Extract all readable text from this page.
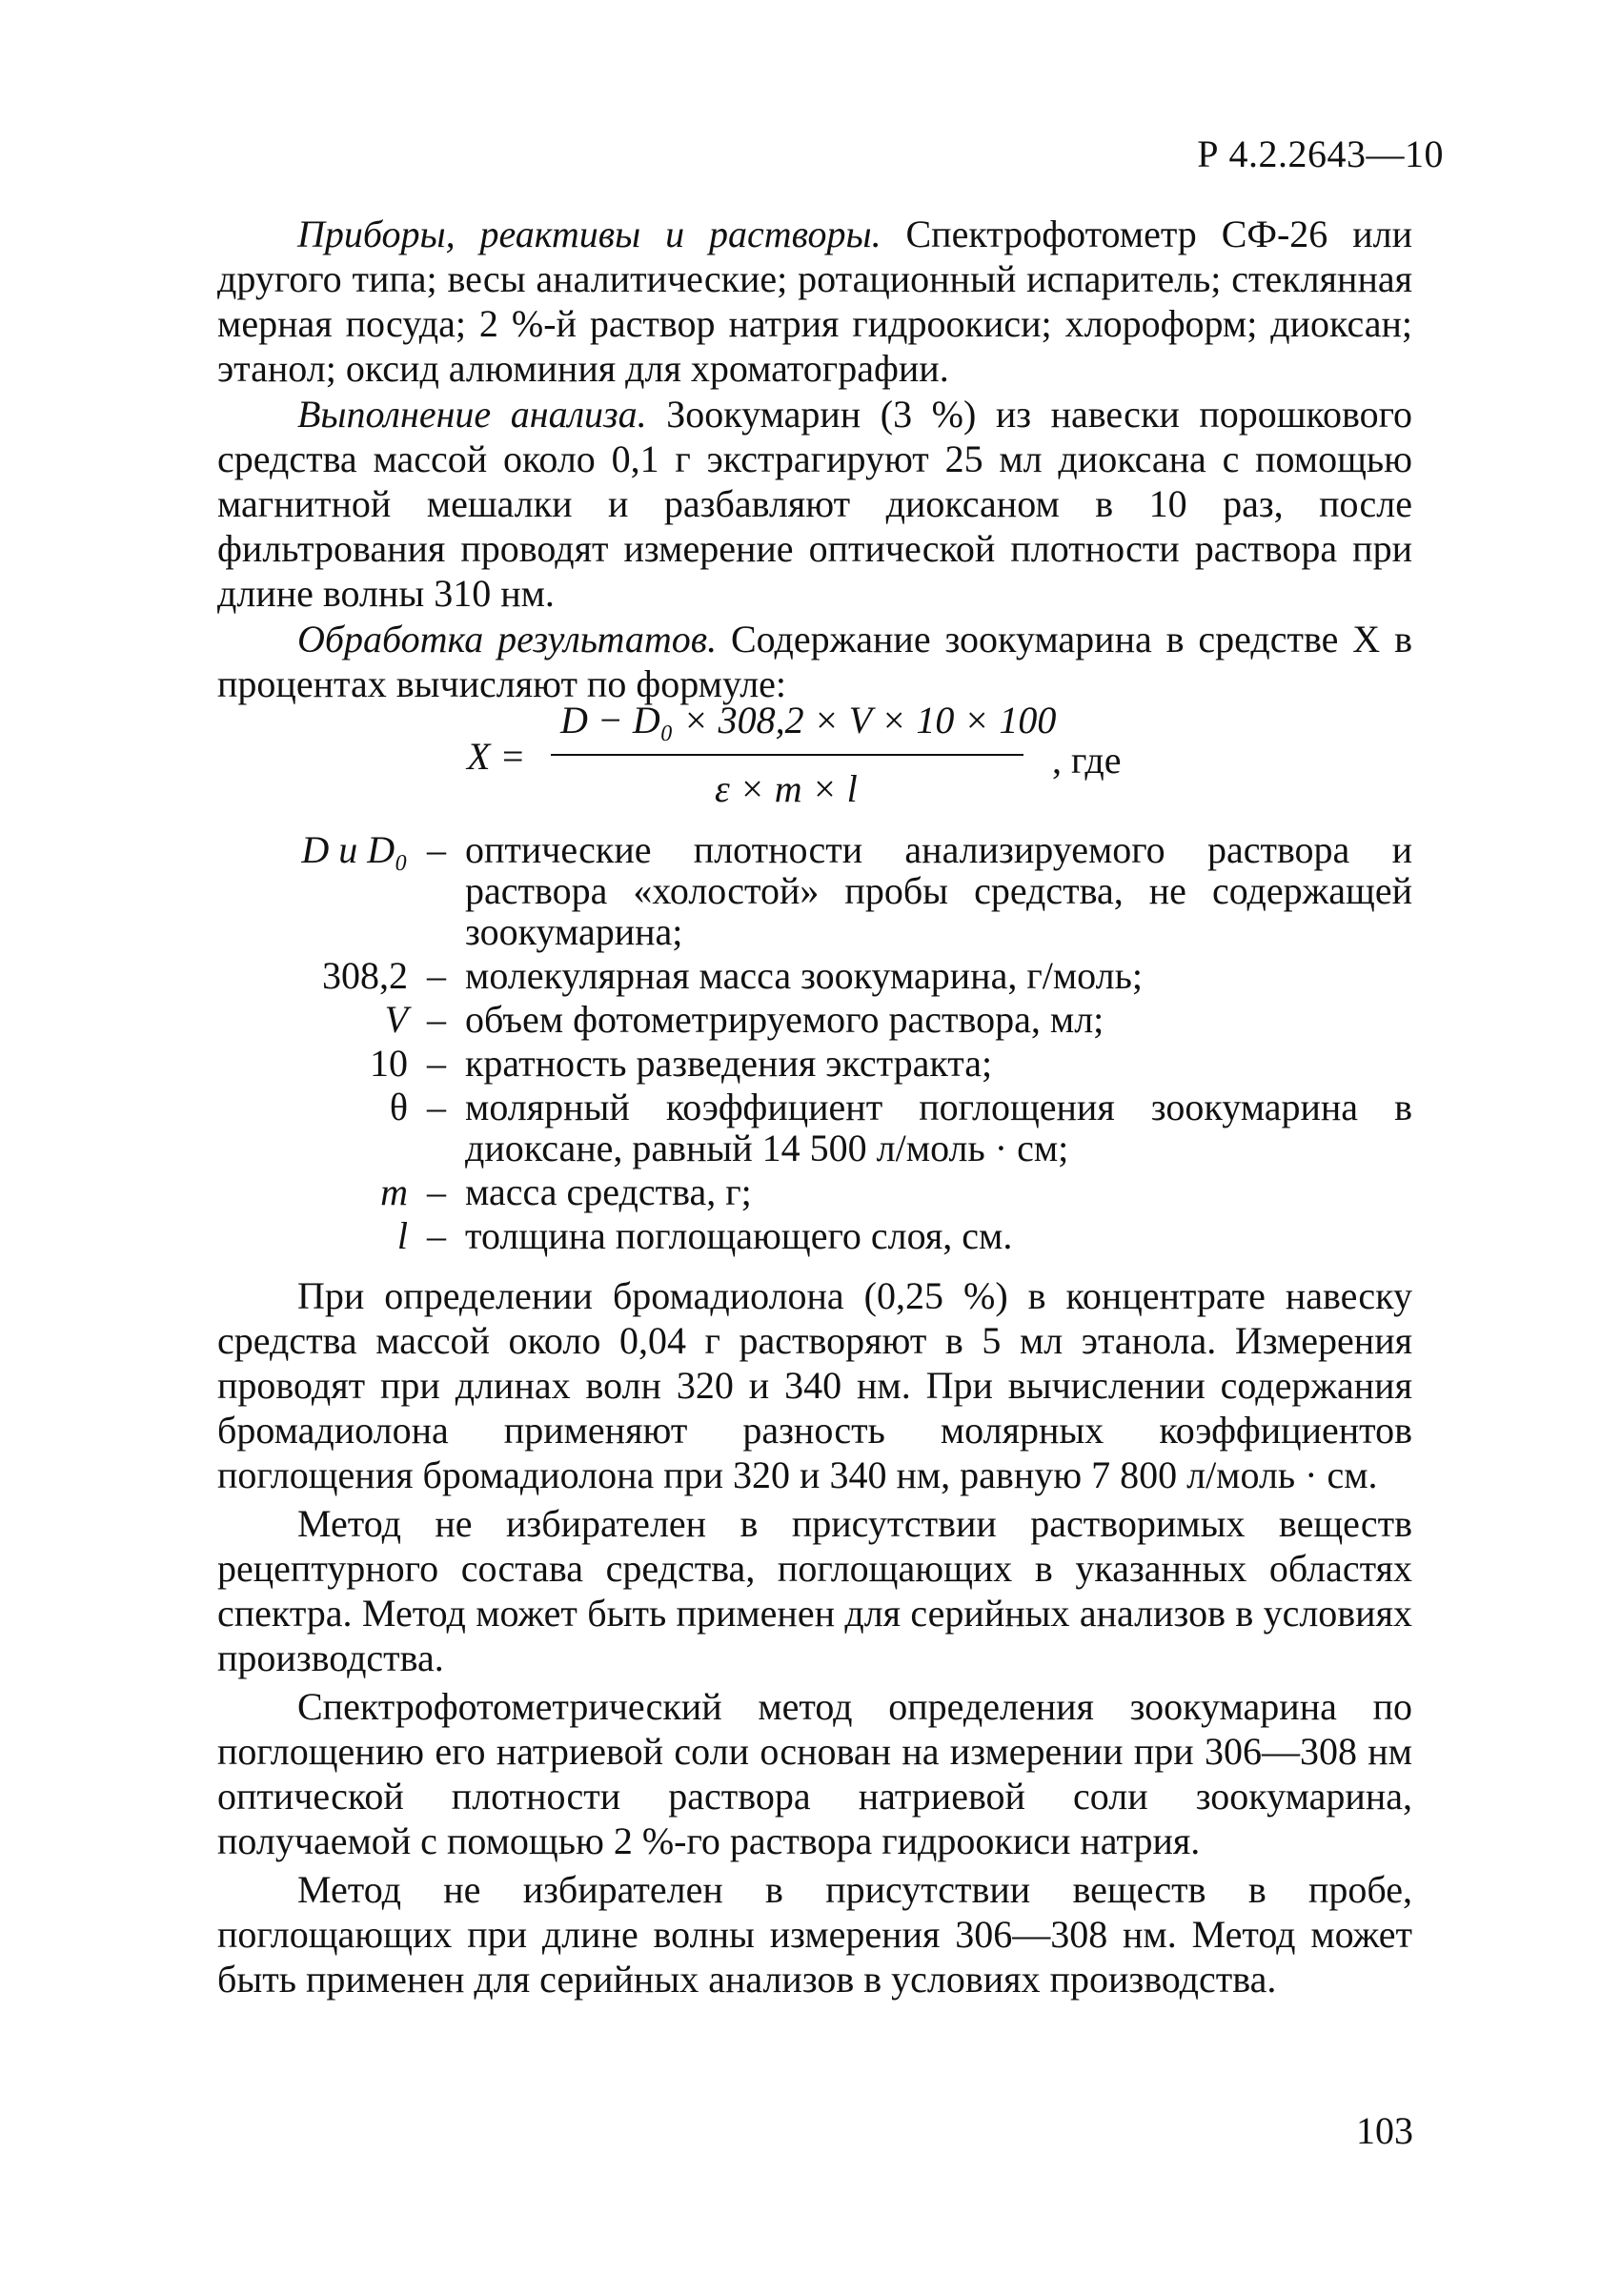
Р 4.2.2643—10

Приборы, реактивы и растворы. Спектрофотометр СФ-26 или другого типа; весы аналитические; ротационный испаритель; стеклянная мерная посуда; 2 %-й раствор натрия гидроокиси; хлороформ; диоксан; этанол; оксид алюминия для хроматографии.

Выполнение анализа. Зоокумарин (3 %) из навески порошкового средства массой около 0,1 г экстрагируют 25 мл диоксана с помощью магнитной мешалки и разбавляют диоксаном в 10 раз, после фильтрования проводят измерение оптической плотности раствора при длине волны 310 нм.

Обработка результатов. Содержание зоокумарина в средстве X в процентах вычисляют по формуле:

X =
D − D₀ × 308,2 × V × 10 × 100
ε × m × l
, где
D и D₀ – оптические плотности анализируемого раствора и раствора «холостой» пробы средства, не содержащей зоокумарина;
308,2 – молекулярная масса зоокумарина, г/моль;
V – объем фотометрируемого раствора, мл;
10 – кратность разведения экстракта;
θ – молярный коэффициент поглощения зоокумарина в диоксане, равный 14 500 л/моль · см;
m – масса средства, г;
l – толщина поглощающего слоя, см.

При определении бромадиолона (0,25 %) в концентрате навеску средства массой около 0,04 г растворяют в 5 мл этанола. Измерения проводят при длинах волн 320 и 340 нм. При вычислении содержания бромадиолона применяют разность молярных коэффициентов поглощения бромадиолона при 320 и 340 нм, равную 7 800 л/моль · см.

Метод не избирателен в присутствии растворимых веществ рецептурного состава средства, поглощающих в указанных областях спектра. Метод может быть применен для серийных анализов в условиях производства.

Спектрофотометрический метод определения зоокумарина по поглощению его натриевой соли основан на измерении при 306—308 нм оптической плотности раствора натриевой соли зоокумарина, получаемой с помощью 2 %-го раствора гидроокиси натрия.

Метод не избирателен в присутствии веществ в пробе, поглощающих при длине волны измерения 306—308 нм. Метод может быть применен для серийных анализов в условиях производства.

103
